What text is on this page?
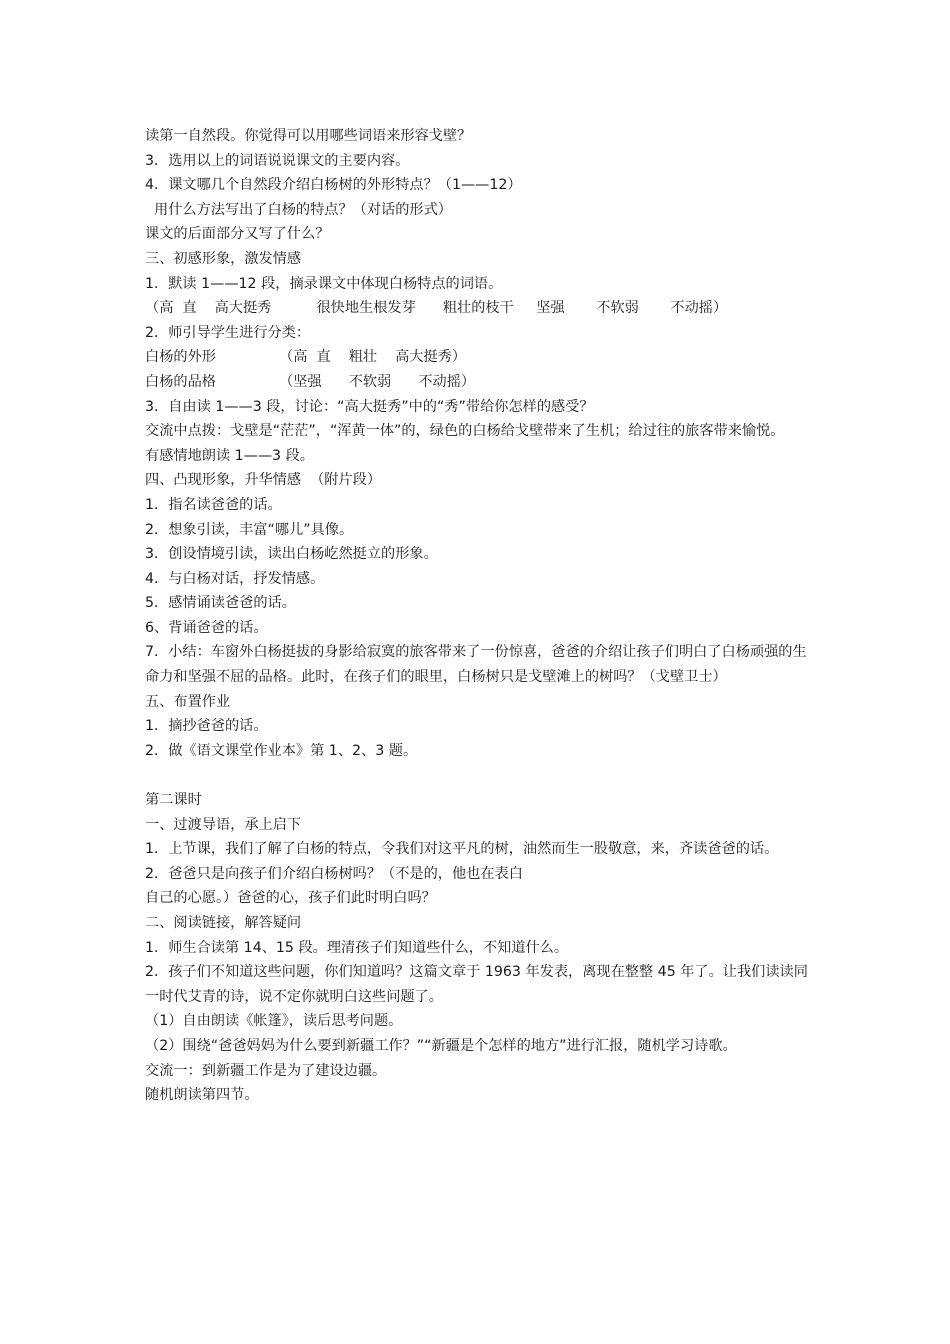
读第一自然段。你觉得可以用哪些词语来形容戈壁？

3．选用以上的词语说说课文的主要内容。

4．课文哪几个自然段介绍白杨树的外形特点？（1——12）

用什么方法写出了白杨的特点？（对话的形式）

课文的后面部分又写了什么？

三、初感形象，激发情感

1．默读 1——12 段，摘录课文中体现白杨特点的词语。

（高  直    高大挺秀          很快地生根发芽      粗壮的枝干     坚强       不软弱       不动摇）

2．师引导学生进行分类：

白杨的外形              （高  直    粗壮    高大挺秀）

白杨的品格              （坚强      不软弱      不动摇）

3．自由读 1——3 段，讨论：“高大挺秀”中的“秀”带给你怎样的感受？

交流中点拨：戈壁是“茫茫”，“浑黄一体”的，绿色的白杨给戈壁带来了生机；给过往的旅客带来愉悦。

有感情地朗读 1——3 段。

四、凸现形象，升华情感  （附片段）

1．指名读爸爸的话。

2．想象引读，丰富“哪儿”具像。

3．创设情境引读，读出白杨屹然挺立的形象。

4．与白杨对话，抒发情感。

5．感情诵读爸爸的话。

6、背诵爸爸的话。

7．小结：车窗外白杨挺拔的身影给寂寞的旅客带来了一份惊喜，爸爸的介绍让孩子们明白了白杨顽强的生命力和坚强不屈的品格。此时，在孩子们的眼里，白杨树只是戈壁滩上的树吗？（戈壁卫士）

五、布置作业

1．摘抄爸爸的话。

2．做《语文课堂作业本》第 1、2、3 题。

第二课时

一、过渡导语，承上启下

1．上节课，我们了解了白杨的特点，令我们对这平凡的树，油然而生一股敬意，来，齐读爸爸的话。

2．爸爸只是向孩子们介绍白杨树吗？（不是的，他也在表白

自己的心愿。）爸爸的心，孩子们此时明白吗？

二、阅读链接，解答疑问

1．师生合读第 14、15 段。理清孩子们知道些什么，不知道什么。

2．孩子们不知道这些问题，你们知道吗？这篇文章于 1963 年发表，离现在整整 45 年了。让我们读读同一时代艾青的诗，说不定你就明白这些问题了。

（1）自由朗读《帐篷》，读后思考问题。

（2）围绕“爸爸妈妈为什么要到新疆工作？”“新疆是个怎样的地方”进行汇报，随机学习诗歌。

交流一：到新疆工作是为了建设边疆。

随机朗读第四节。
